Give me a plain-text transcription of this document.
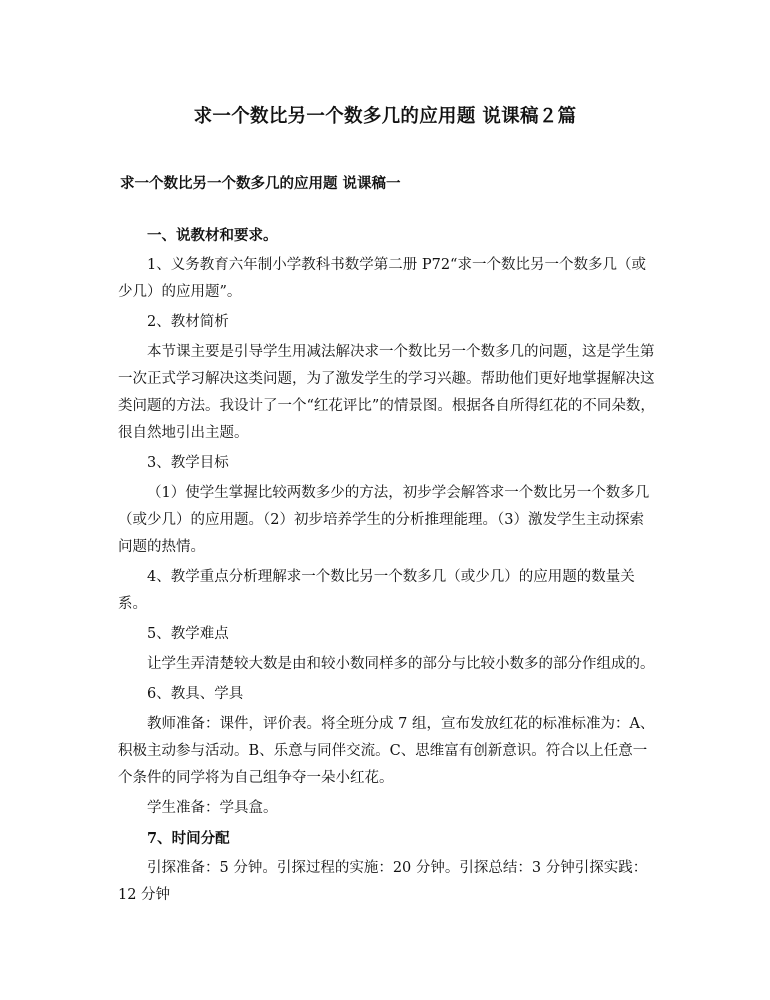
求一个数比另一个数多几的应用题 说课稿２篇
求一个数比另一个数多几的应用题 说课稿一

一、说教材和要求。

1、义务教育六年制小学教科书数学第二册 P72“求一个数比另一个数多几（或少几）的应用题”。

2、教材简析

本节课主要是引导学生用减法解决求一个数比另一个数多几的问题，这是学生第一次正式学习解决这类问题，为了激发学生的学习兴趣。帮助他们更好地掌握解决这类问题的方法。我设计了一个“红花评比”的情景图。根据各自所得红花的不同朵数，很自然地引出主题。

3、教学目标

（1）使学生掌握比较两数多少的方法，初步学会解答求一个数比另一个数多几（或少几）的应用题。（2）初步培养学生的分析推理能理。（3）激发学生主动探索问题的热情。

4、教学重点分析理解求一个数比另一个数多几（或少几）的应用题的数量关系。

5、教学难点

让学生弄清楚较大数是由和较小数同样多的部分与比较小数多的部分作组成的。

6、教具、学具

教师准备：课件，评价表。将全班分成 7 组，宣布发放红花的标准标准为：A、积极主动参与活动。B、乐意与同伴交流。C、思维富有创新意识。符合以上任意一个条件的同学将为自己组争夺一朵小红花。

学生准备：学具盒。

7、时间分配

引探准备：5 分钟。引探过程的实施：20 分钟。引探总结：3 分钟引探实践：12 分钟
